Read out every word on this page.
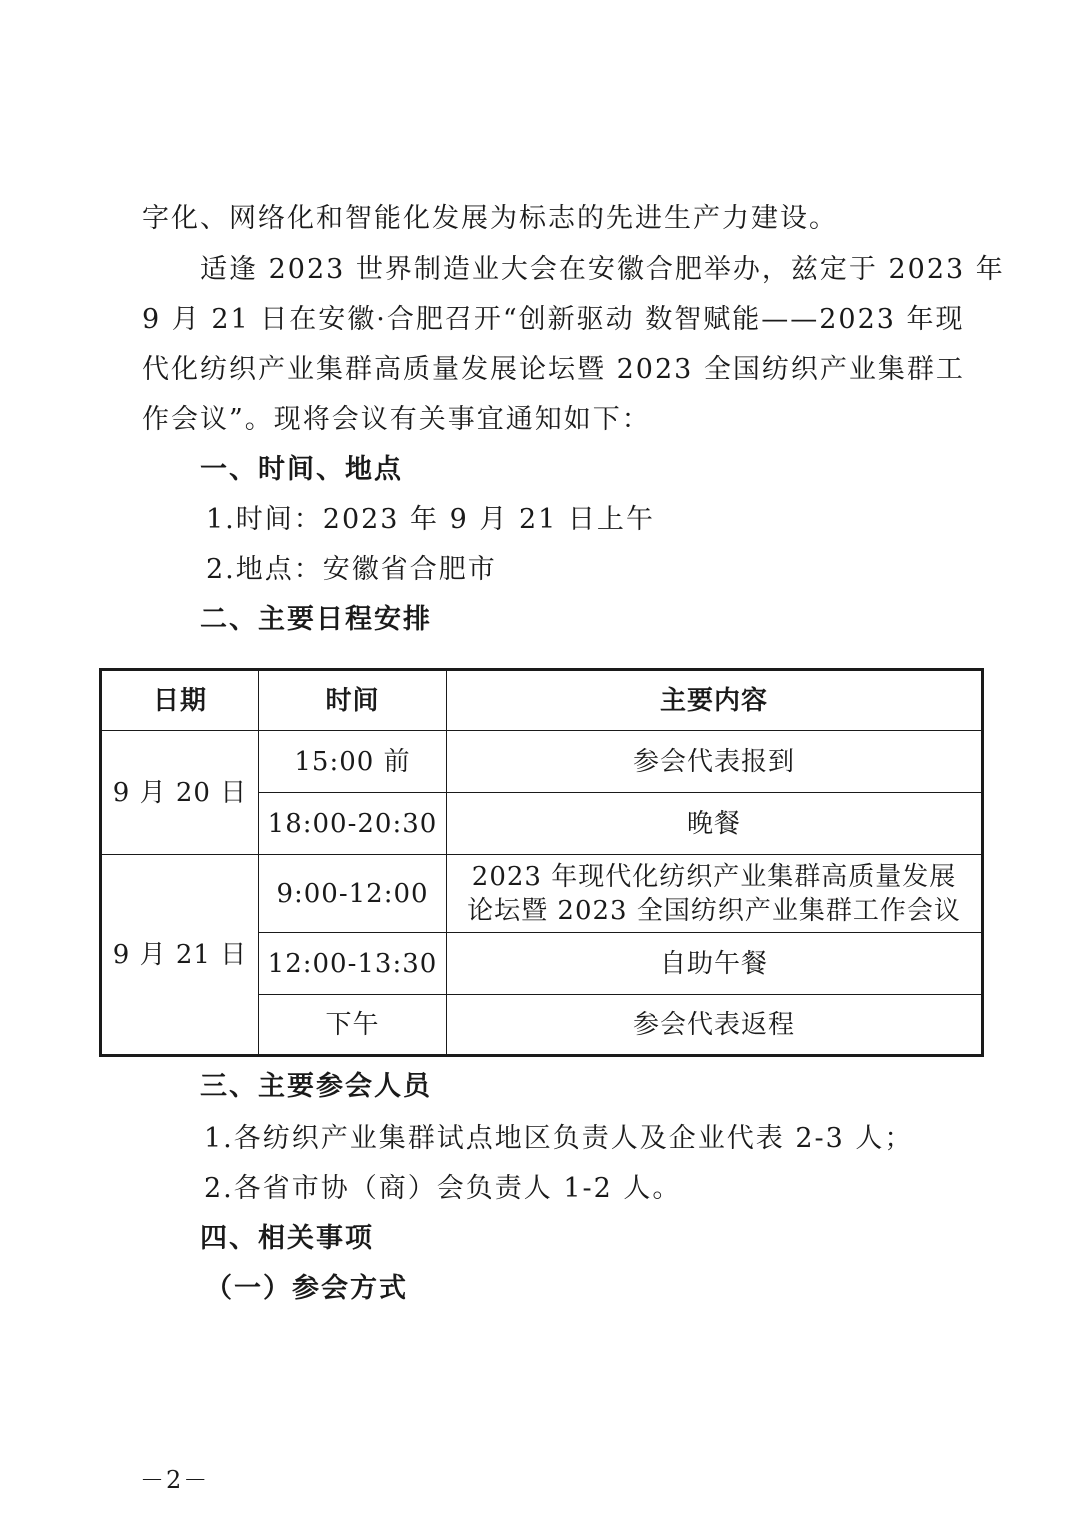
字化、网络化和智能化发展为标志的先进生产力建设。
适逢 2023 世界制造业大会在安徽合肥举办，兹定于 2023 年
9 月 21 日在安徽·合肥召开“创新驱动 数智赋能——2023 年现
代化纺织产业集群高质量发展论坛暨 2023 全国纺织产业集群工
作会议”。现将会议有关事宜通知如下：
一、时间、地点
1.时间：2023 年 9 月 21 日上午
2.地点：安徽省合肥市
二、主要日程安排
日期	时间	主要内容
9 月 20 日	15:00 前	参会代表报到
	18:00-20:30	晚餐
9 月 21 日	9:00-12:00	2023 年现代化纺织产业集群高质量发展
论坛暨 2023 全国纺织产业集群工作会议

	12:00-13:30	自助午餐
	下午	参会代表返程
三、主要参会人员
1.各纺织产业集群试点地区负责人及企业代表 2-3 人；
2.各省市协（商）会负责人 1-2 人。
四、相关事项
（一）参会方式
－2－
